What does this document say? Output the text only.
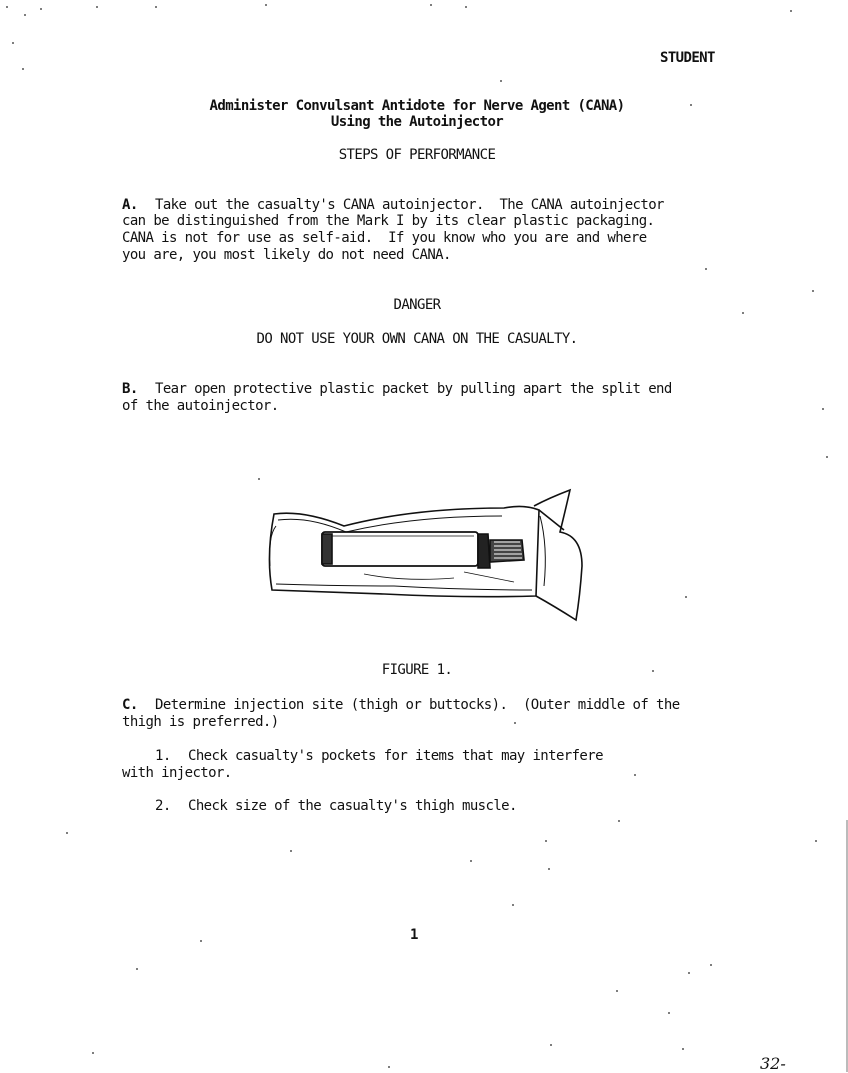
STUDENT
Administer Convulsant Antidote for Nerve Agent (CANA)
Using the Autoinjector
STEPS OF PERFORMANCE
A. Take out the casualty's CANA autoinjector.  The CANA autoinjector
can be distinguished from the Mark I by its clear plastic packaging.
CANA is not for use as self-aid.  If you know who you are and where
you are, you most likely do not need CANA.
DANGER
DO NOT USE YOUR OWN CANA ON THE CASUALTY.
B. Tear open protective plastic packet by pulling apart the split end
of the autoinjector.
FIGURE 1.
C. Determine injection site (thigh or buttocks).  (Outer middle of the
thigh is preferred.)
1. Check casualty's pockets for items that may interfere
with injector.
2. Check size of the casualty's thigh muscle.
1
32-
